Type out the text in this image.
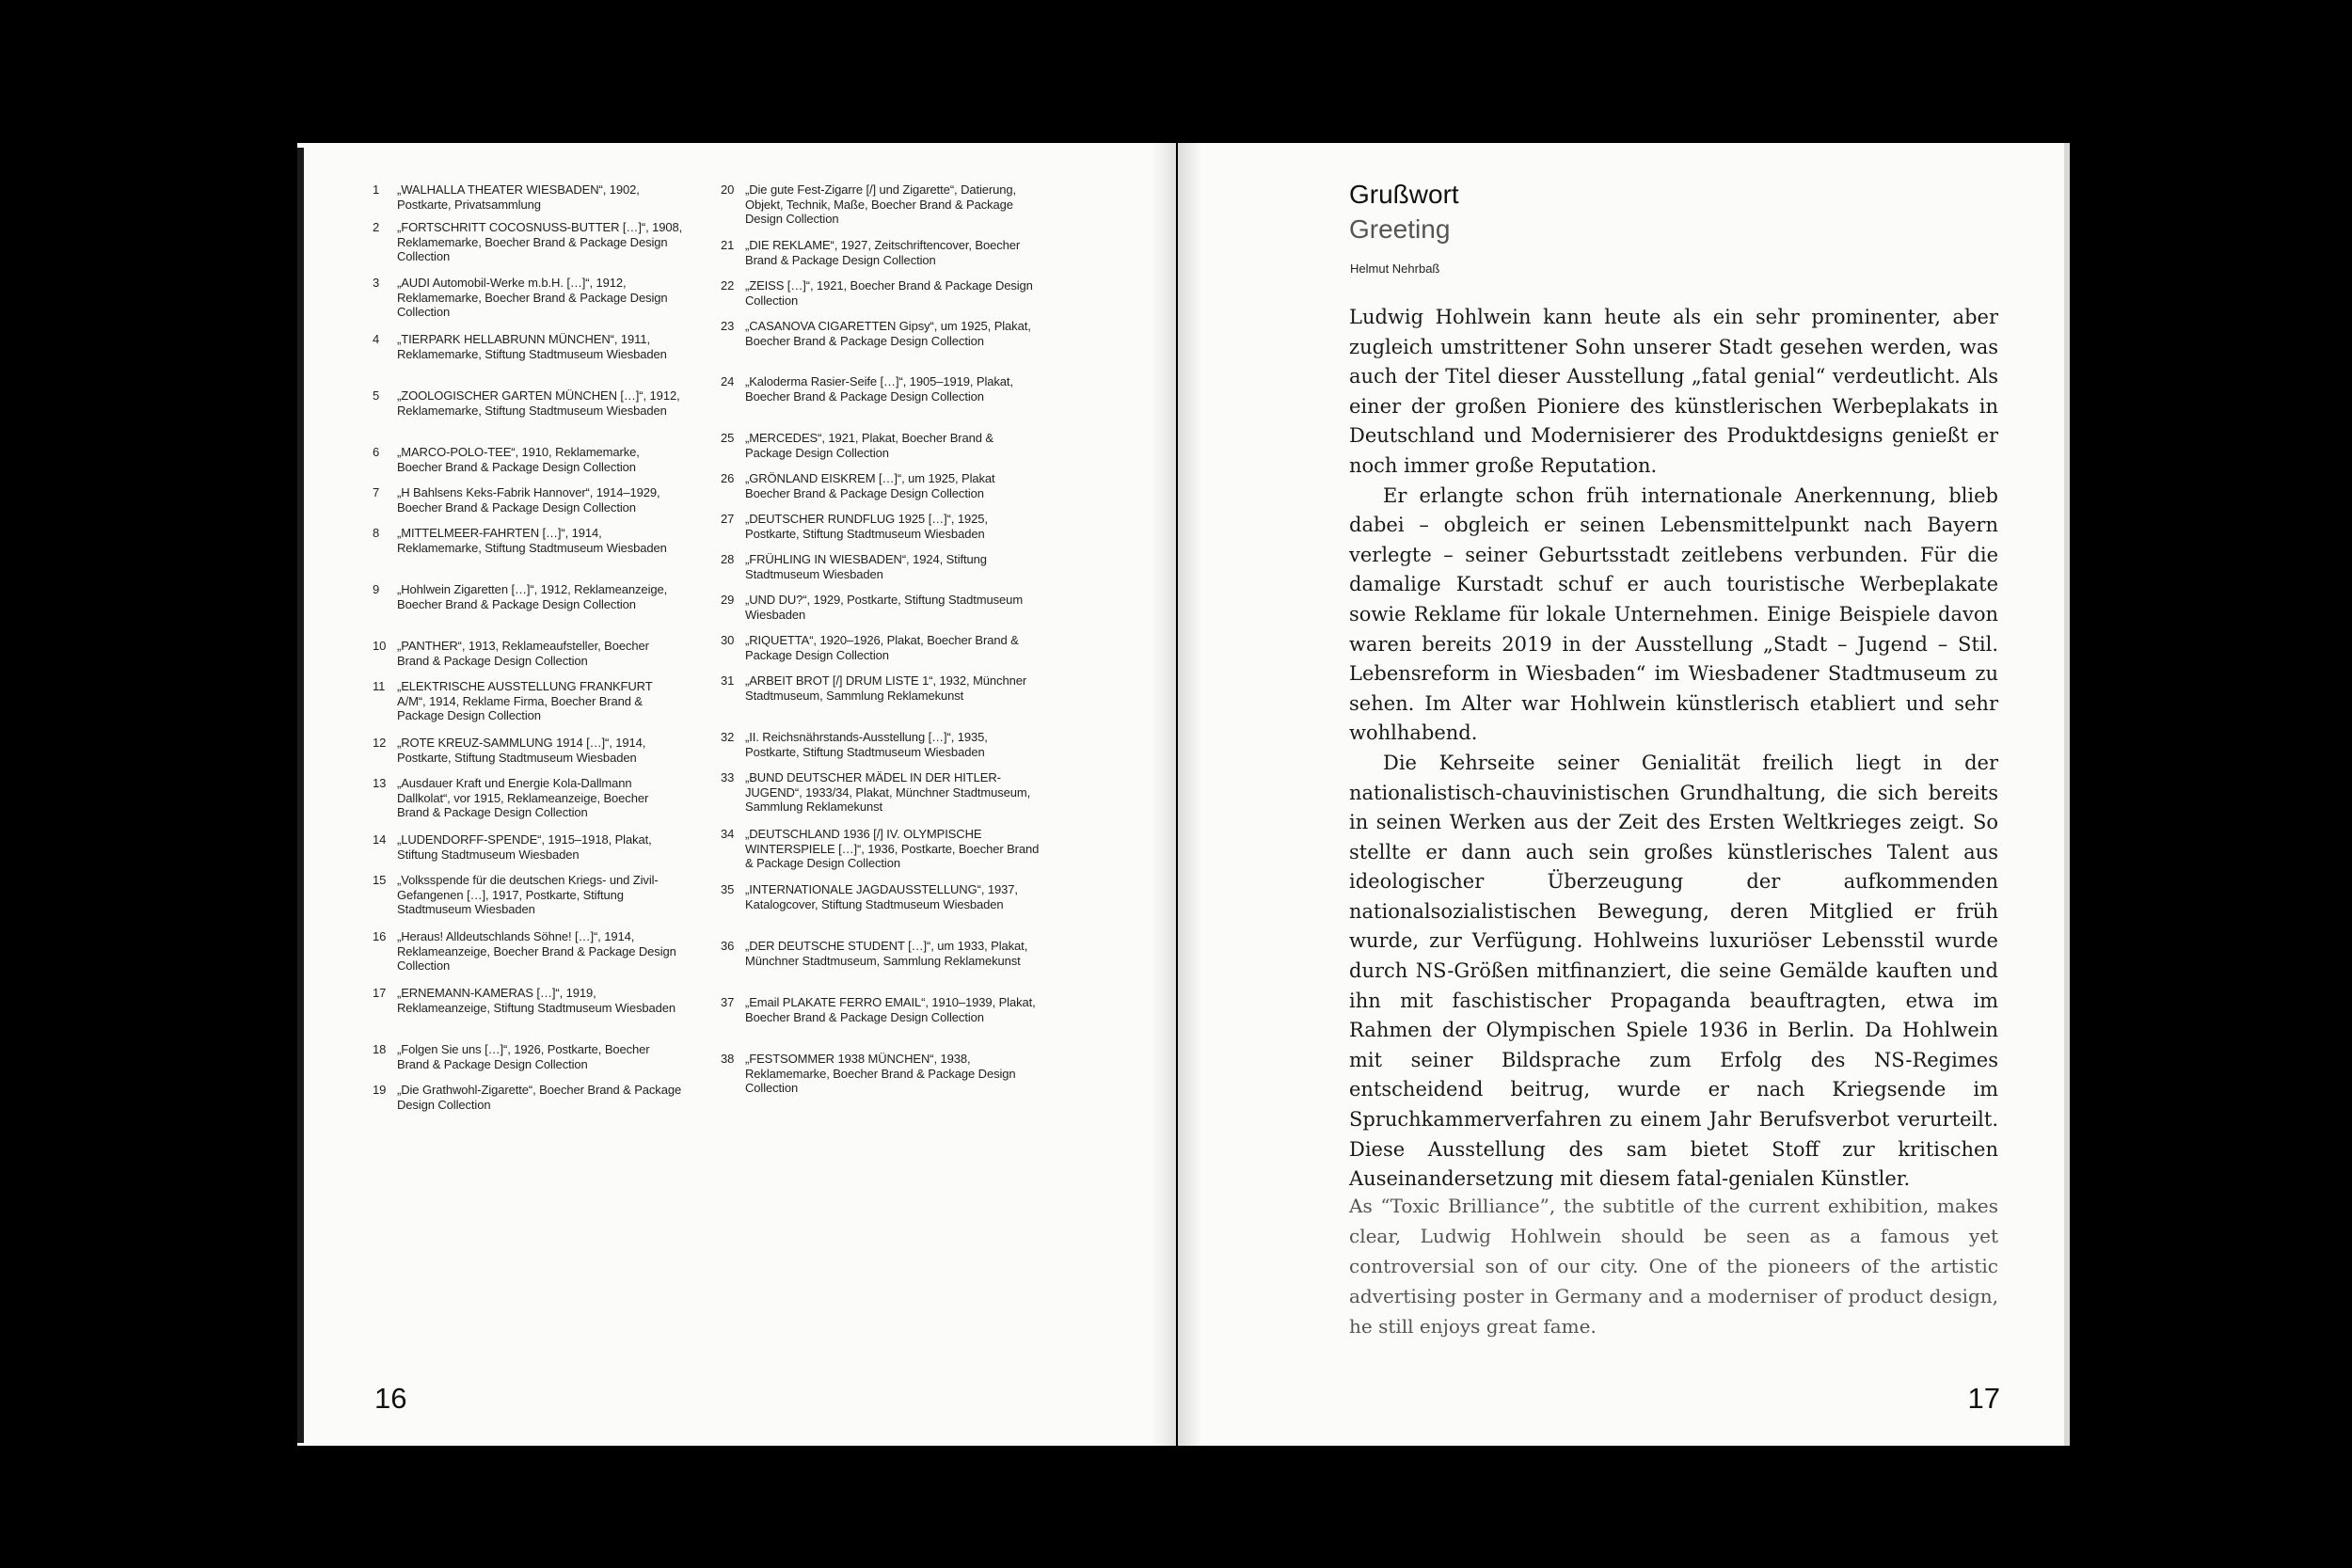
1	„WALHALLA THEATER WIESBADEN“, 1902, Postkarte, Privatsammlung
2	„FORTSCHRITT COCOSNUSS-BUTTER […]“, 1908, Reklamemarke, Boecher Brand & Package Design Collection
3	„AUDI Automobil-Werke m.b.H. […]“, 1912, Reklamemarke, Boecher Brand & Package Design Collection
4	„TIERPARK HELLABRUNN MÜNCHEN“, 1911, Reklamemarke, Stiftung Stadtmuseum Wiesbaden
5	„ZOOLOGISCHER GARTEN MÜNCHEN […]“, 1912, Reklamemarke, Stiftung Stadtmuseum Wiesbaden
6	„MARCO-POLO-TEE“, 1910, Reklamemarke, Boecher Brand & Package Design Collection
7	„H Bahlsens Keks-Fabrik Hannover“, 1914–1929, Boecher Brand & Package Design Collection
8	„MITTELMEER-FAHRTEN […]“, 1914, Reklamemarke, Stiftung Stadtmuseum Wiesbaden
9	„Hohlwein Zigaretten […]“, 1912, Reklameanzeige, Boecher Brand & Package Design Collection
10 „PANTHER“, 1913, Reklameaufsteller, Boecher Brand & Package Design Collection
11 „ELEKTRISCHE AUSSTELLUNG FRANKFURT A/M“, 1914, Reklame Firma, Boecher Brand & Package Design Collection
12 „ROTE KREUZ-SAMMLUNG 1914 […]“, 1914, Postkarte, Stiftung Stadtmuseum Wiesbaden
13 „Ausdauer Kraft und Energie Kola-Dallmann Dallkolat“, vor 1915, Reklameanzeige, Boecher Brand & Package Design Collection
14 „LUDENDORFF-SPENDE“, 1915–1918, Plakat, Stiftung Stadtmuseum Wiesbaden
15 „Volksspende für die deutschen Kriegs- und Zivil-Gefangenen […], 1917, Postkarte, Stiftung Stadtmuseum Wiesbaden
16 „Heraus! Alldeutschlands Söhne! […]“, 1914, Reklameanzeige, Boecher Brand & Package Design Collection
17 „ERNEMANN-KAMERAS […]“, 1919, Reklameanzeige, Stiftung Stadtmuseum Wiesbaden
18 „Folgen Sie uns […]“, 1926, Postkarte, Boecher Brand & Package Design Collection
19 „Die Grathwohl-Zigarette“, Boecher Brand & Package Design Collection
20 „Die gute Fest-Zigarre [/] und Zigarette“, Datierung, Objekt, Technik, Maße, Boecher Brand & Package Design Collection
21 „DIE REKLAME“, 1927, Zeitschriftencover, Boecher Brand & Package Design Collection
22 „ZEISS […]“, 1921, Boecher Brand & Package Design Collection
23 „CASANOVA CIGARETTEN Gipsy“, um 1925, Plakat, Boecher Brand & Package Design Collection
24 „Kaloderma Rasier-Seife […]“, 1905–1919, Plakat, Boecher Brand & Package Design Collection
25 „MERCEDES“, 1921, Plakat, Boecher Brand & Package Design Collection
26 „GRÖNLAND EISKREM […]“, um 1925, Plakat Boecher Brand & Package Design Collection
27 „DEUTSCHER RUNDFLUG 1925 […]“, 1925, Postkarte, Stiftung Stadtmuseum Wiesbaden
28 „FRÜHLING IN WIESBADEN“, 1924, Stiftung Stadtmuseum Wiesbaden
29 „UND DU?“, 1929, Postkarte, Stiftung Stadtmuseum Wiesbaden
30 „RIQUETTA“, 1920–1926, Plakat, Boecher Brand & Package Design Collection
31 „ARBEIT BROT [/] DRUM LISTE 1“, 1932, Münchner Stadtmuseum, Sammlung Reklamekunst
32 „II. Reichsnährstands-Ausstellung […]“, 1935, Postkarte, Stiftung Stadtmuseum Wiesbaden
33 „BUND DEUTSCHER MÄDEL IN DER HITLER-JUGEND“, 1933/34, Plakat, Münchner Stadtmuseum, Sammlung Reklamekunst
34 „DEUTSCHLAND 1936 [/] IV. OLYMPISCHE WINTERSPIELE […]“, 1936, Postkarte, Boecher Brand & Package Design Collection
35 „INTERNATIONALE JAGDAUSSTELLUNG“, 1937, Katalogcover, Stiftung Stadtmuseum Wiesbaden
36 „DER DEUTSCHE STUDENT […]“, um 1933, Plakat, Münchner Stadtmuseum, Sammlung Reklamekunst
37 „Email PLAKATE FERRO EMAIL“, 1910–1939, Plakat, Boecher Brand & Package Design Collection
38 „FESTSOMMER 1938 MÜNCHEN“, 1938, Reklamemarke, Boecher Brand & Package Design Collection
16
Grußwort
Greeting
Helmut Nehrbaß

Ludwig Hohlwein kann heute als ein sehr prominenter, aber zugleich umstrittener Sohn unserer Stadt gesehen werden, was auch der Titel dieser Ausstellung „fatal genial“ verdeutlicht. Als einer der großen Pioniere des künstlerischen Werbeplakats in Deutschland und Modernisierer des Produktdesigns genießt er noch immer große Reputation.

Er erlangte schon früh internationale Anerkennung, blieb dabei – obgleich er seinen Lebensmittelpunkt nach Bayern verlegte – seiner Geburtsstadt zeitlebens verbunden. Für die damalige Kurstadt schuf er auch touristische Werbeplakate sowie Reklame für lokale Unternehmen. Einige Beispiele davon waren bereits 2019 in der Ausstellung „Stadt – Jugend – Stil. Lebensreform in Wiesbaden“ im Wiesbadener Stadtmuseum zu sehen. Im Alter war Hohlwein künstlerisch etabliert und sehr wohlhabend.

Die Kehrseite seiner Genialität freilich liegt in der nationalistisch-chauvinistischen Grundhaltung, die sich bereits in seinen Werken aus der Zeit des Ersten Weltkrieges zeigt. So stellte er dann auch sein großes künstlerisches Talent aus ideologischer Überzeugung der aufkommenden nationalsozialistischen Bewegung, deren Mitglied er früh wurde, zur Verfügung. Hohlweins luxuriöser Lebensstil wurde durch NS-Größen mitfinanziert, die seine Gemälde kauften und ihn mit faschistischer Propaganda beauftragten, etwa im Rahmen der Olympischen Spiele 1936 in Berlin. Da Hohlwein mit seiner Bildsprache zum Erfolg des NS-Regimes entscheidend beitrug, wurde er nach Kriegsende im Spruchkammerverfahren zu einem Jahr Berufsverbot verurteilt. Diese Ausstellung des sam bietet Stoff zur kritischen Auseinandersetzung mit diesem fatal-genialen Künstler.

As “Toxic Brilliance”, the subtitle of the current exhibition, makes clear, Ludwig Hohlwein should be seen as a famous yet controversial son of our city. One of the pioneers of the artistic advertising poster in Germany and a moderniser of product design, he still enjoys great fame.
17
